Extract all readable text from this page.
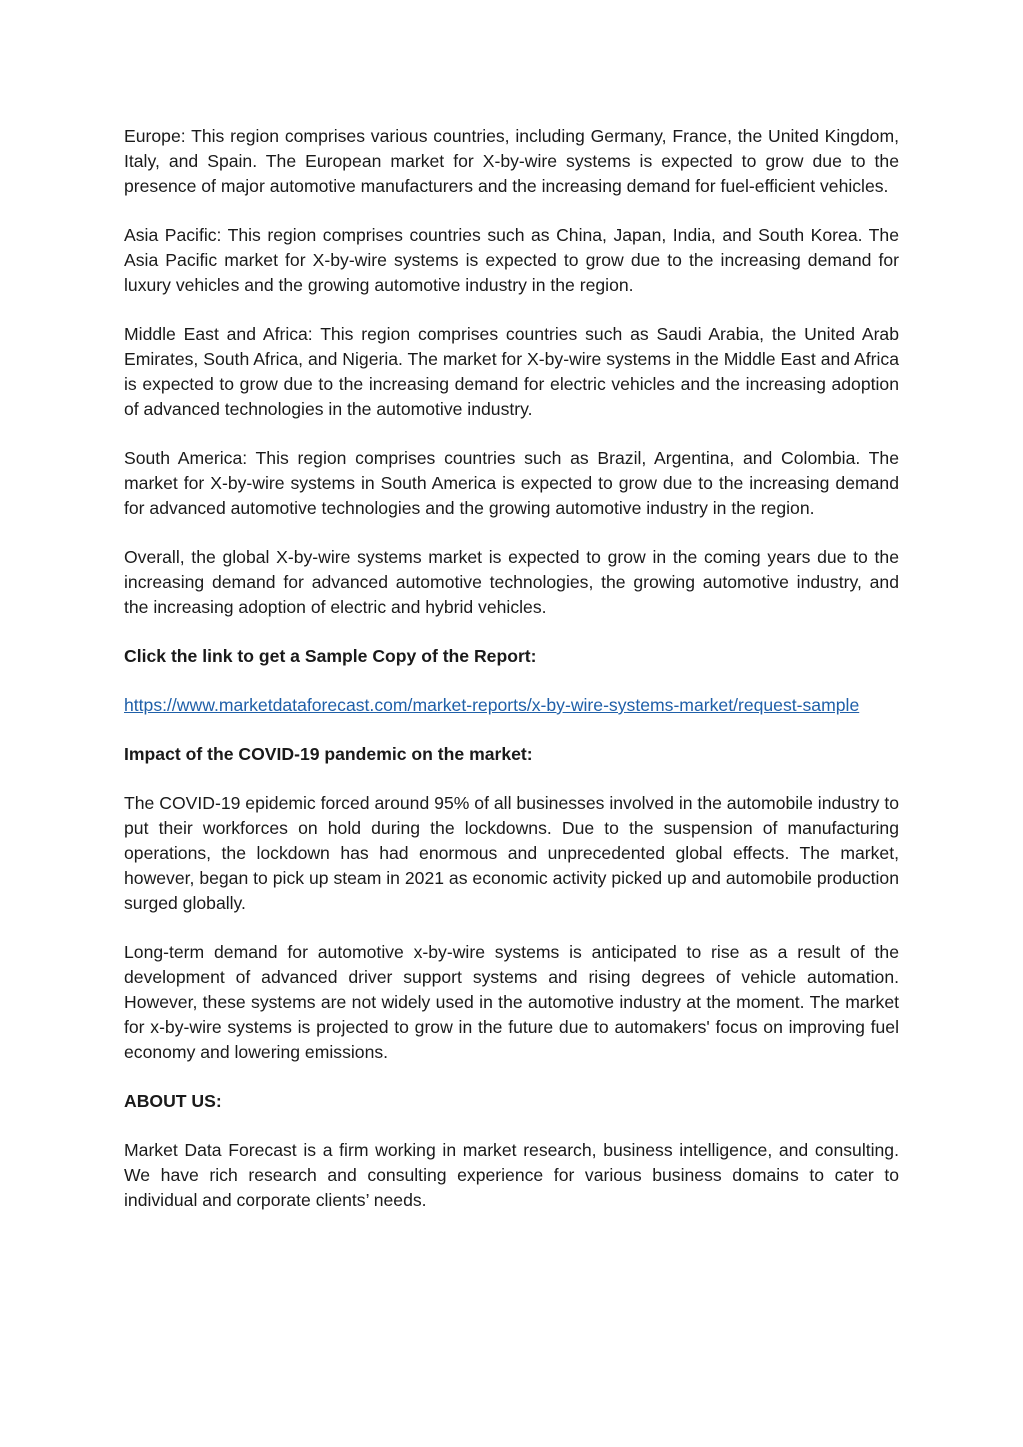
Europe: This region comprises various countries, including Germany, France, the United Kingdom, Italy, and Spain. The European market for X-by-wire systems is expected to grow due to the presence of major automotive manufacturers and the increasing demand for fuel-efficient vehicles.

Asia Pacific: This region comprises countries such as China, Japan, India, and South Korea. The Asia Pacific market for X-by-wire systems is expected to grow due to the increasing demand for luxury vehicles and the growing automotive industry in the region.

Middle East and Africa: This region comprises countries such as Saudi Arabia, the United Arab Emirates, South Africa, and Nigeria. The market for X-by-wire systems in the Middle East and Africa is expected to grow due to the increasing demand for electric vehicles and the increasing adoption of advanced technologies in the automotive industry.

South America: This region comprises countries such as Brazil, Argentina, and Colombia. The market for X-by-wire systems in South America is expected to grow due to the increasing demand for advanced automotive technologies and the growing automotive industry in the region.

Overall, the global X-by-wire systems market is expected to grow in the coming years due to the increasing demand for advanced automotive technologies, the growing automotive industry, and the increasing adoption of electric and hybrid vehicles.

Click the link to get a Sample Copy of the Report:

https://www.marketdataforecast.com/market-reports/x-by-wire-systems-market/request-sample

Impact of the COVID-19 pandemic on the market:

The COVID-19 epidemic forced around 95% of all businesses involved in the automobile industry to put their workforces on hold during the lockdowns. Due to the suspension of manufacturing operations, the lockdown has had enormous and unprecedented global effects. The market, however, began to pick up steam in 2021 as economic activity picked up and automobile production surged globally.

Long-term demand for automotive x-by-wire systems is anticipated to rise as a result of the development of advanced driver support systems and rising degrees of vehicle automation. However, these systems are not widely used in the automotive industry at the moment. The market for x-by-wire systems is projected to grow in the future due to automakers' focus on improving fuel economy and lowering emissions.

ABOUT US:

Market Data Forecast is a firm working in market research, business intelligence, and consulting. We have rich research and consulting experience for various business domains to cater to individual and corporate clients’ needs.
